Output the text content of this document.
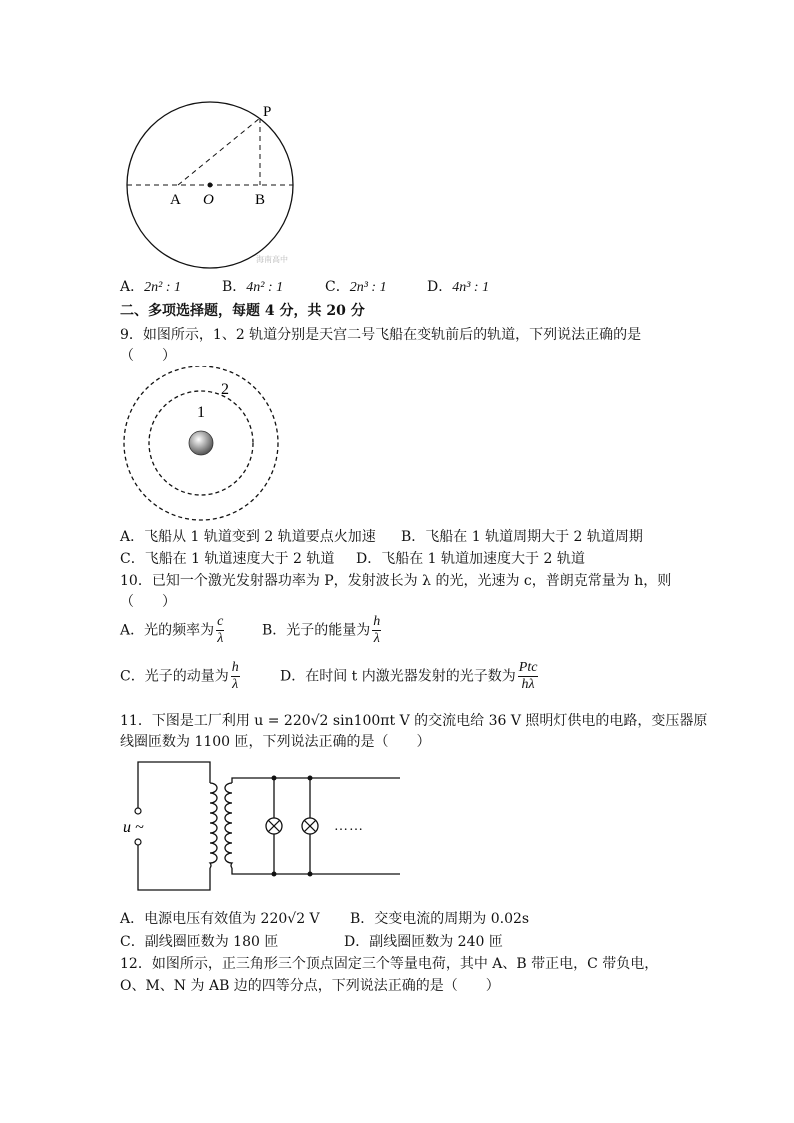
P
A O	B
海南高中
A．2n² : 1	B．4n² : 1	C．2n³ : 1	D．4n³ : 1
二、多项选择题，每题 4 分，共 20 分
9．如图所示，1、2 轨道分别是天宫二号飞船在变轨前后的轨道，下列说法正确的是
（　　）
1
2
A．飞船从 1 轨道变到 2 轨道要点火加速 B．飞船在 1 轨道周期大于 2 轨道周期
C．飞船在 1 轨道速度大于 2 轨道 D．飞船在 1 轨道加速度大于 2 轨道
10．已知一个激光发射器功率为 P，发射波长为 λ 的光，光速为 c，普朗克常量为 h，则
（　　）
A．光的频率为 $\frac{c}{\lambda}$	B．光子的能量为 $\frac{h}{\lambda}$
C．光子的动量为 $\frac{h}{\lambda}$	D．在时间 t 内激光器发射的光子数为 $\frac{\text{Ptc}}{h\lambda}$
11．下图是工厂利用 u = 220√2 sin100πt V 的交流电给 36 V 照明灯供电的电路，变压器原
线圈匝数为 1100 匝，下列说法正确的是（　　）
u ~	……
A．电源电压有效值为 220√2 V B．交变电流的周期为 0.02s
C．副线圈匝数为 180 匝	D．副线圈匝数为 240 匝
12．如图所示，正三角形三个顶点固定三个等量电荷，其中 A、B 带正电，C 带负电，
O、M、N 为 AB 边的四等分点，下列说法正确的是（　　）
